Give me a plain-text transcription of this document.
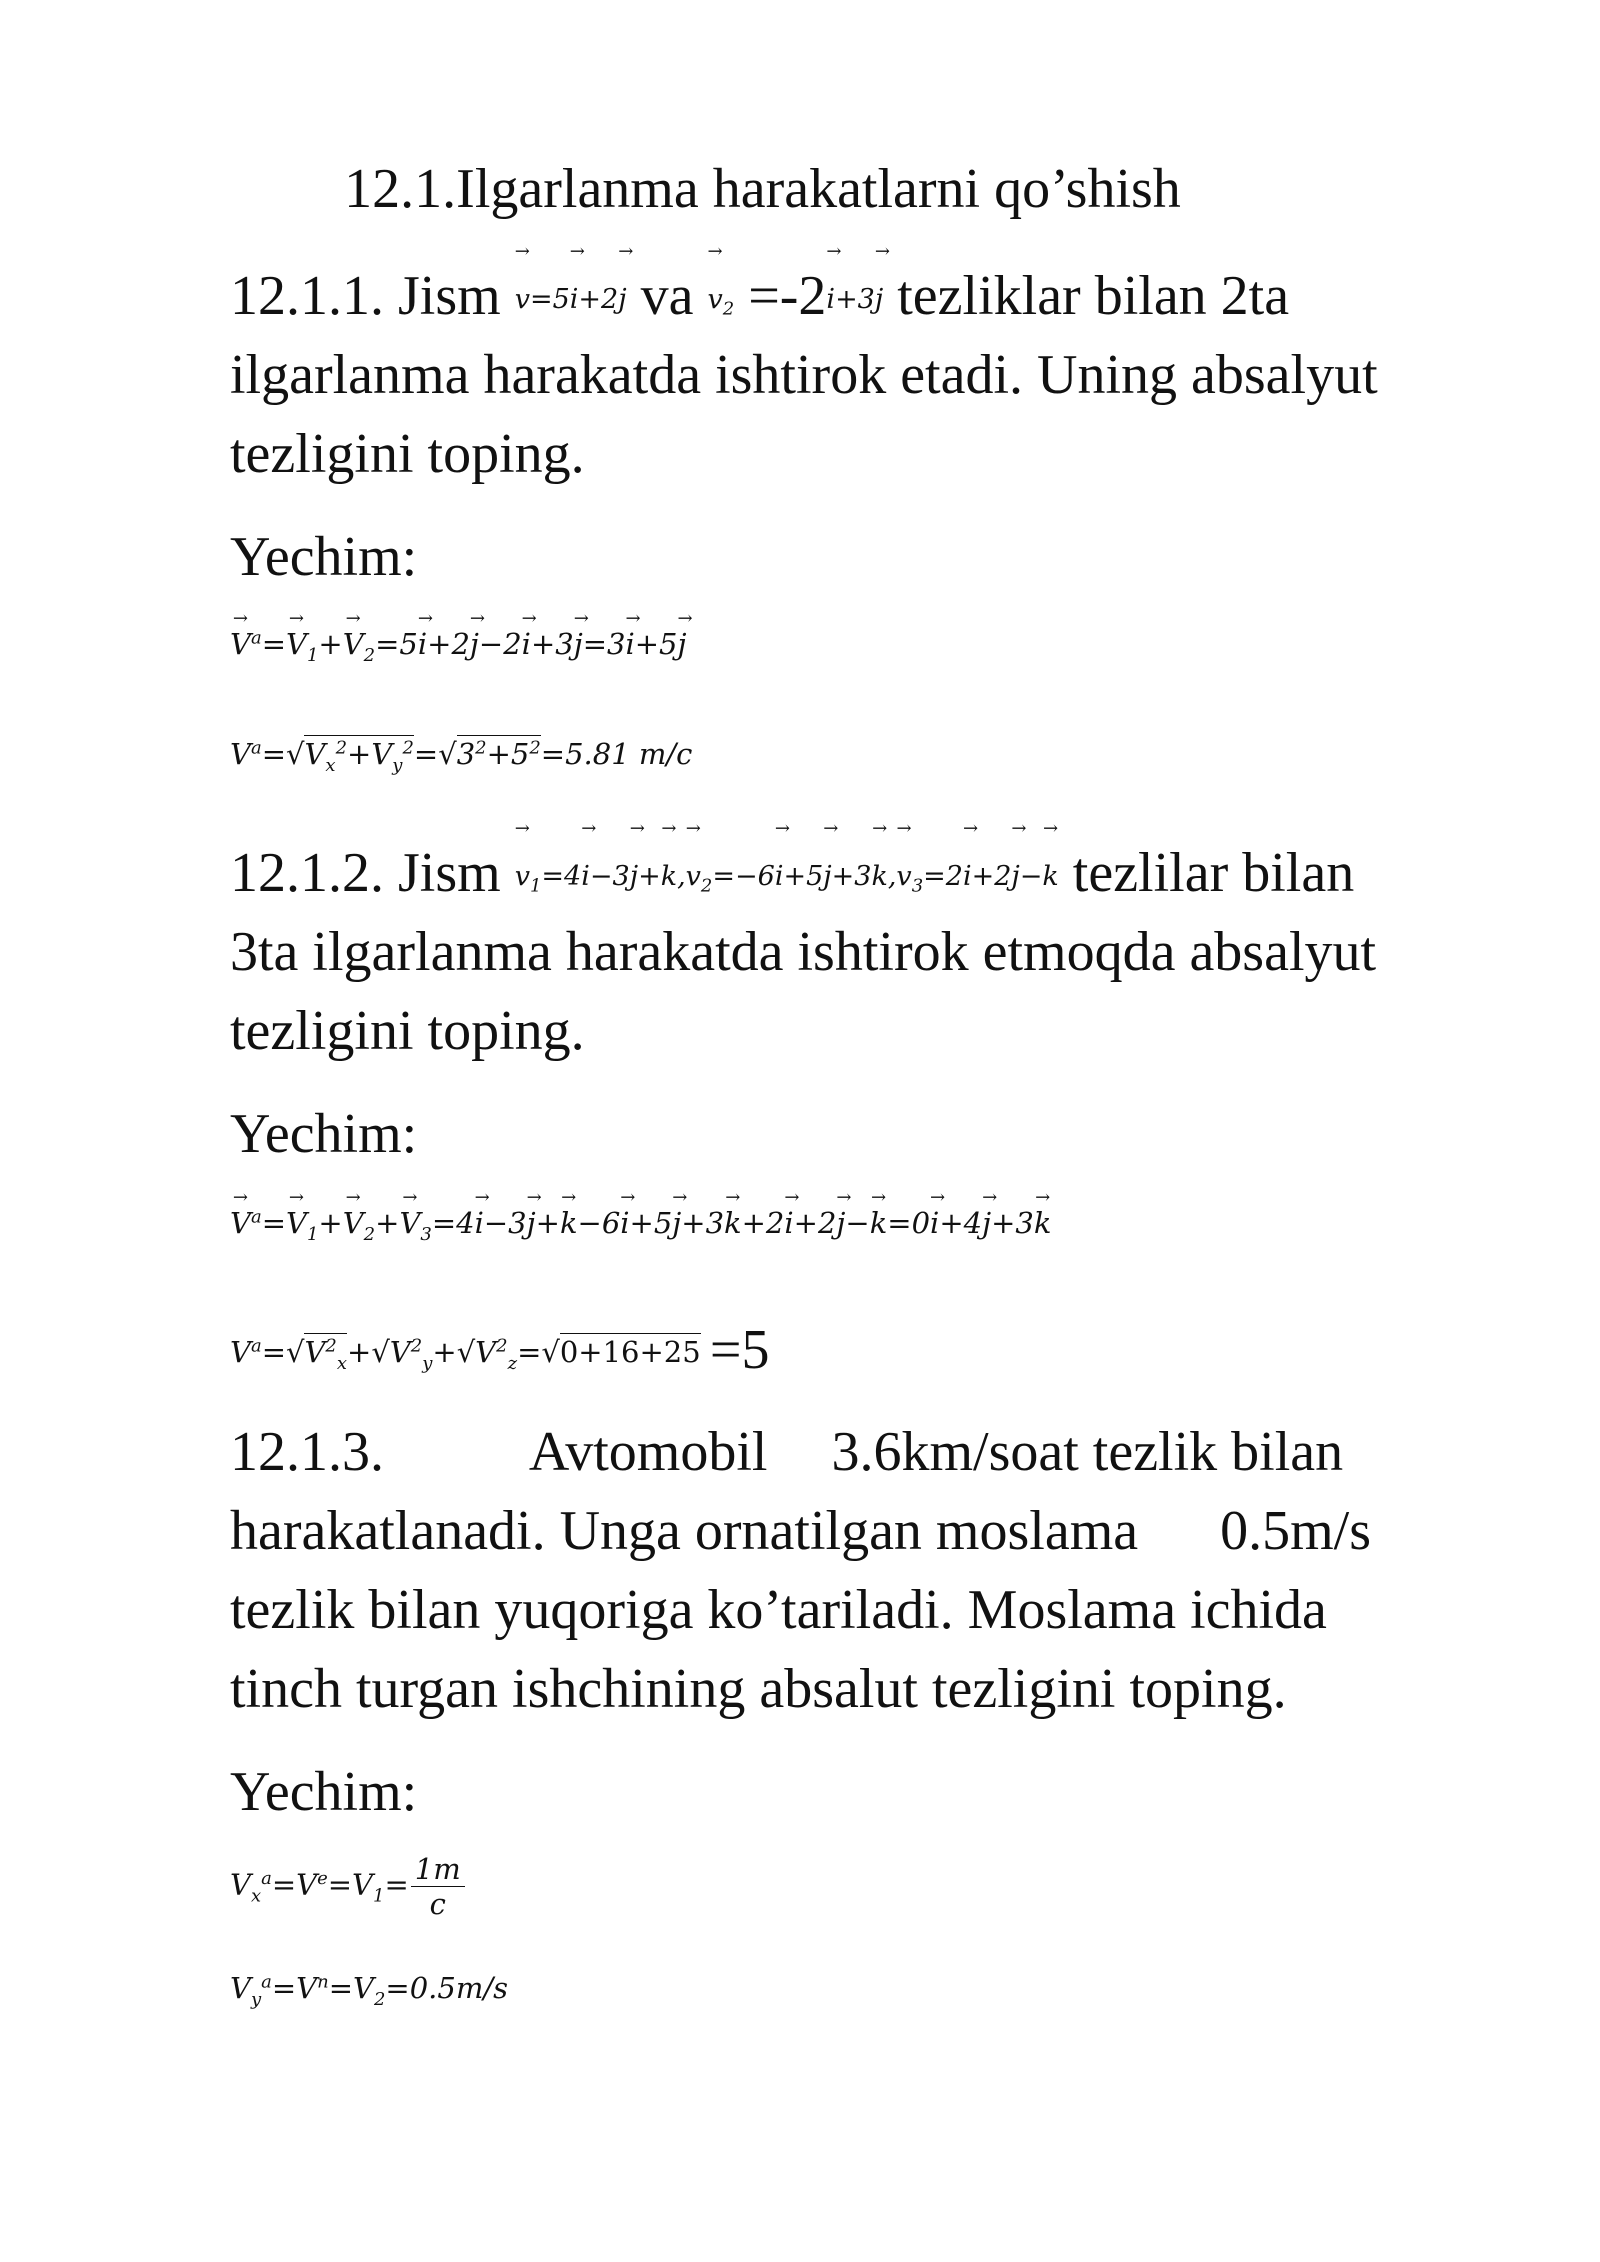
12.1.Ilgarlanma harakatlarni qo’shish
12.1.1. Jism v →=5i →+2j → va $v \to_2 =-2i \to+3j$ → tezliklar bilan 2ta
ilgarlanma harakatda ishtirok etadi. Uning absalyut
tezligini toping.
Yechim:
$V \to^a=V \to_1+V \to_2=5i \to+2j \to-2i \to+3j \to=3i \to+5j$ →
$V^a=√V_x^2+V_y^2=√3^2+5^2=5.81$ m/c
12.1.2. Jism $v \to_1=4i \to-3j \to+k \to,v \to_2=-6i \to+5j \to+3k \to,v \to_3=2i \to+2j \to-k$ → tezlilar bilan
3ta ilgarlanma harakatda ishtirok etmoqda absalyut
tezligini toping.
Yechim:
$V \to^a=V \to_1+V \to_2+V \to_3=4i \to-3j \to+k \to-6i \to+5j \to+3k \to+2i \to+2j \to-k \to=0i \to+4j \to+3k$ →
$V^a=√V^2_x+√V^2_y+√V^2_z=√0+16+25 =5$
12.1.3.	Avtomobil 3.6km/soat tezlik bilan
harakatlanadi. Unga ornatilgan moslama 0.5m/s
tezlik bilan yuqoriga ko’tariladi. Moslama ichida
tinch turgan ishchining absalut tezligini toping.
Yechim:
$V_x^a=V^e=V_1= \frac{1m}{c}$
$V_y^a=V^n=V_2=0.5m/s$
